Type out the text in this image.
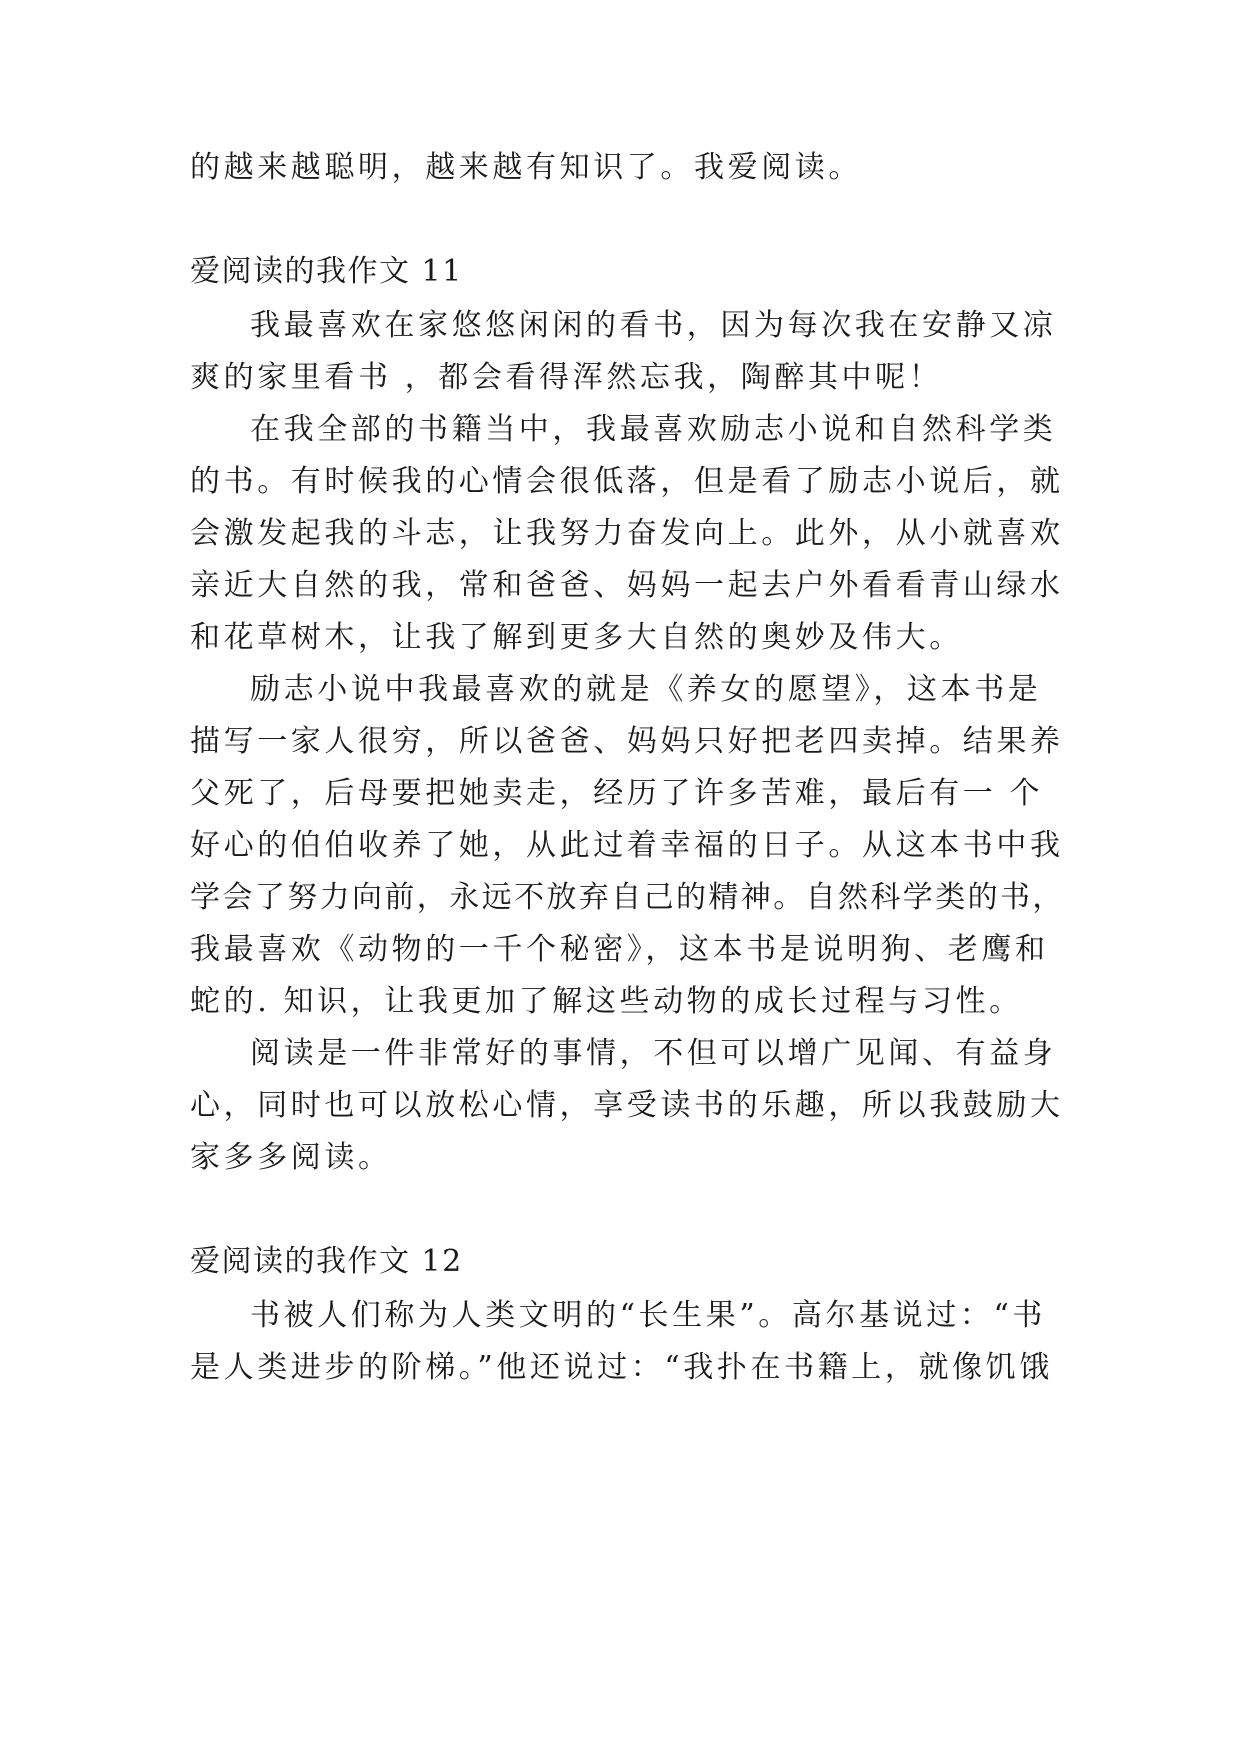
的越来越聪明，越来越有知识了。我爱阅读。
爱阅读的我作文 11
我最喜欢在家悠悠闲闲的看书，因为每次我在安静又凉
爽的家里看书 ，都会看得浑然忘我，陶醉其中呢！
在我全部的书籍当中，我最喜欢励志小说和自然科学类
的书。有时候我的心情会很低落，但是看了励志小说后，就
会激发起我的斗志，让我努力奋发向上。此外，从小就喜欢
亲近大自然的我，常和爸爸、妈妈一起去户外看看青山绿水
和花草树木，让我了解到更多大自然的奥妙及伟大。
励志小说中我最喜欢的就是《养女的愿望》，这本书是
描写一家人很穷，所以爸爸、妈妈只好把老四卖掉。结果养
父死了，后母要把她卖走，经历了许多苦难，最后有一 个
好心的伯伯收养了她，从此过着幸福的日子。从这本书中我
学会了努力向前，永远不放弃自己的精神。自然科学类的书，
我最喜欢《动物的一千个秘密》，这本书是说明狗、老鹰和
蛇的. 知识，让我更加了解这些动物的成长过程与习性。
阅读是一件非常好的事情，不但可以增广见闻、有益身
心，同时也可以放松心情，享受读书的乐趣，所以我鼓励大
家多多阅读。
爱阅读的我作文 12
书被人们称为人类文明的“长生果”。高尔基说过：“书
是人类进步的阶梯。”他还说过：“我扑在书籍上，就像饥饿
